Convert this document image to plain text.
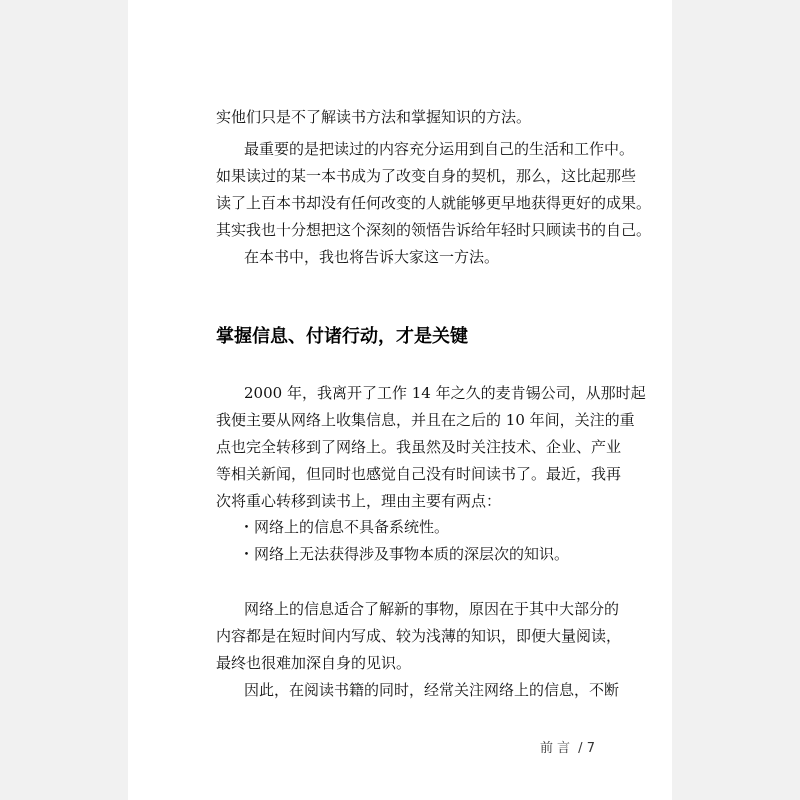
实他们只是不了解读书方法和掌握知识的方法。
最重要的是把读过的内容充分运用到自己的生活和工作中。
如果读过的某一本书成为了改变自身的契机，那么，这比起那些
读了上百本书却没有任何改变的人就能够更早地获得更好的成果。
其实我也十分想把这个深刻的领悟告诉给年轻时只顾读书的自己。
在本书中，我也将告诉大家这一方法。
掌握信息、付诸行动，才是关键
2000 年，我离开了工作 14 年之久的麦肯锡公司，从那时起
我便主要从网络上收集信息，并且在之后的 10 年间，关注的重
点也完全转移到了网络上。我虽然及时关注技术、企业、产业
等相关新闻，但同时也感觉自己没有时间读书了。最近，我再
次将重心转移到读书上，理由主要有两点：
・网络上的信息不具备系统性。
・网络上无法获得涉及事物本质的深层次的知识。
网络上的信息适合了解新的事物，原因在于其中大部分的
内容都是在短时间内写成、较为浅薄的知识，即便大量阅读，
最终也很难加深自身的见识。
因此，在阅读书籍的同时，经常关注网络上的信息，不断
前言 / 7
